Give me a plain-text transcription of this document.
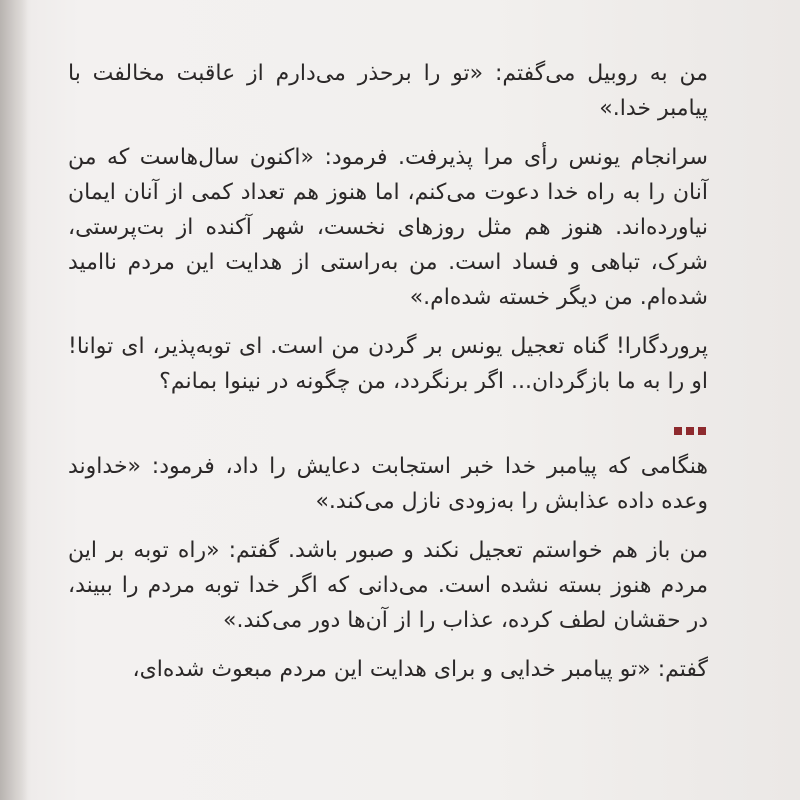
من به روبیل می‌گفتم: «تو را برحذر می‌دارم از عاقبت مخالفت با پیامبر خدا.»

سرانجام یونس رأی مرا پذیرفت. فرمود: «اکنون سال‌هاست که من آنان را به راه خدا دعوت می‌کنم، اما هنوز هم تعداد کمی از آنان ایمان نیاورده‌اند. هنوز هم مثل روزهای نخست، شهر آکنده از بت‌پرستی، شرک، تباهی و فساد است. من به‌راستی از هدایت این مردم ناامید شده‌ام. من دیگر خسته شده‌ام.»

پروردگارا! گناه تعجیل یونس بر گردن من است. ای توبه‌پذیر، ای توانا! او را به ما بازگردان... اگر برنگردد، من چگونه در نینوا بمانم؟

هنگامی که پیامبر خدا خبر استجابت دعایش را داد، فرمود: «خداوند وعده داده عذابش را به‌زودی نازل می‌کند.»

من باز هم خواستم تعجیل نکند و صبور باشد. گفتم: «راه توبه بر این مردم هنوز بسته نشده است. می‌دانی که اگر خدا توبه مردم را ببیند، در حقشان لطف کرده، عذاب را از آن‌ها دور می‌کند.»

گفتم: «تو پیامبر خدایی و برای هدایت این مردم مبعوث شده‌ای،
